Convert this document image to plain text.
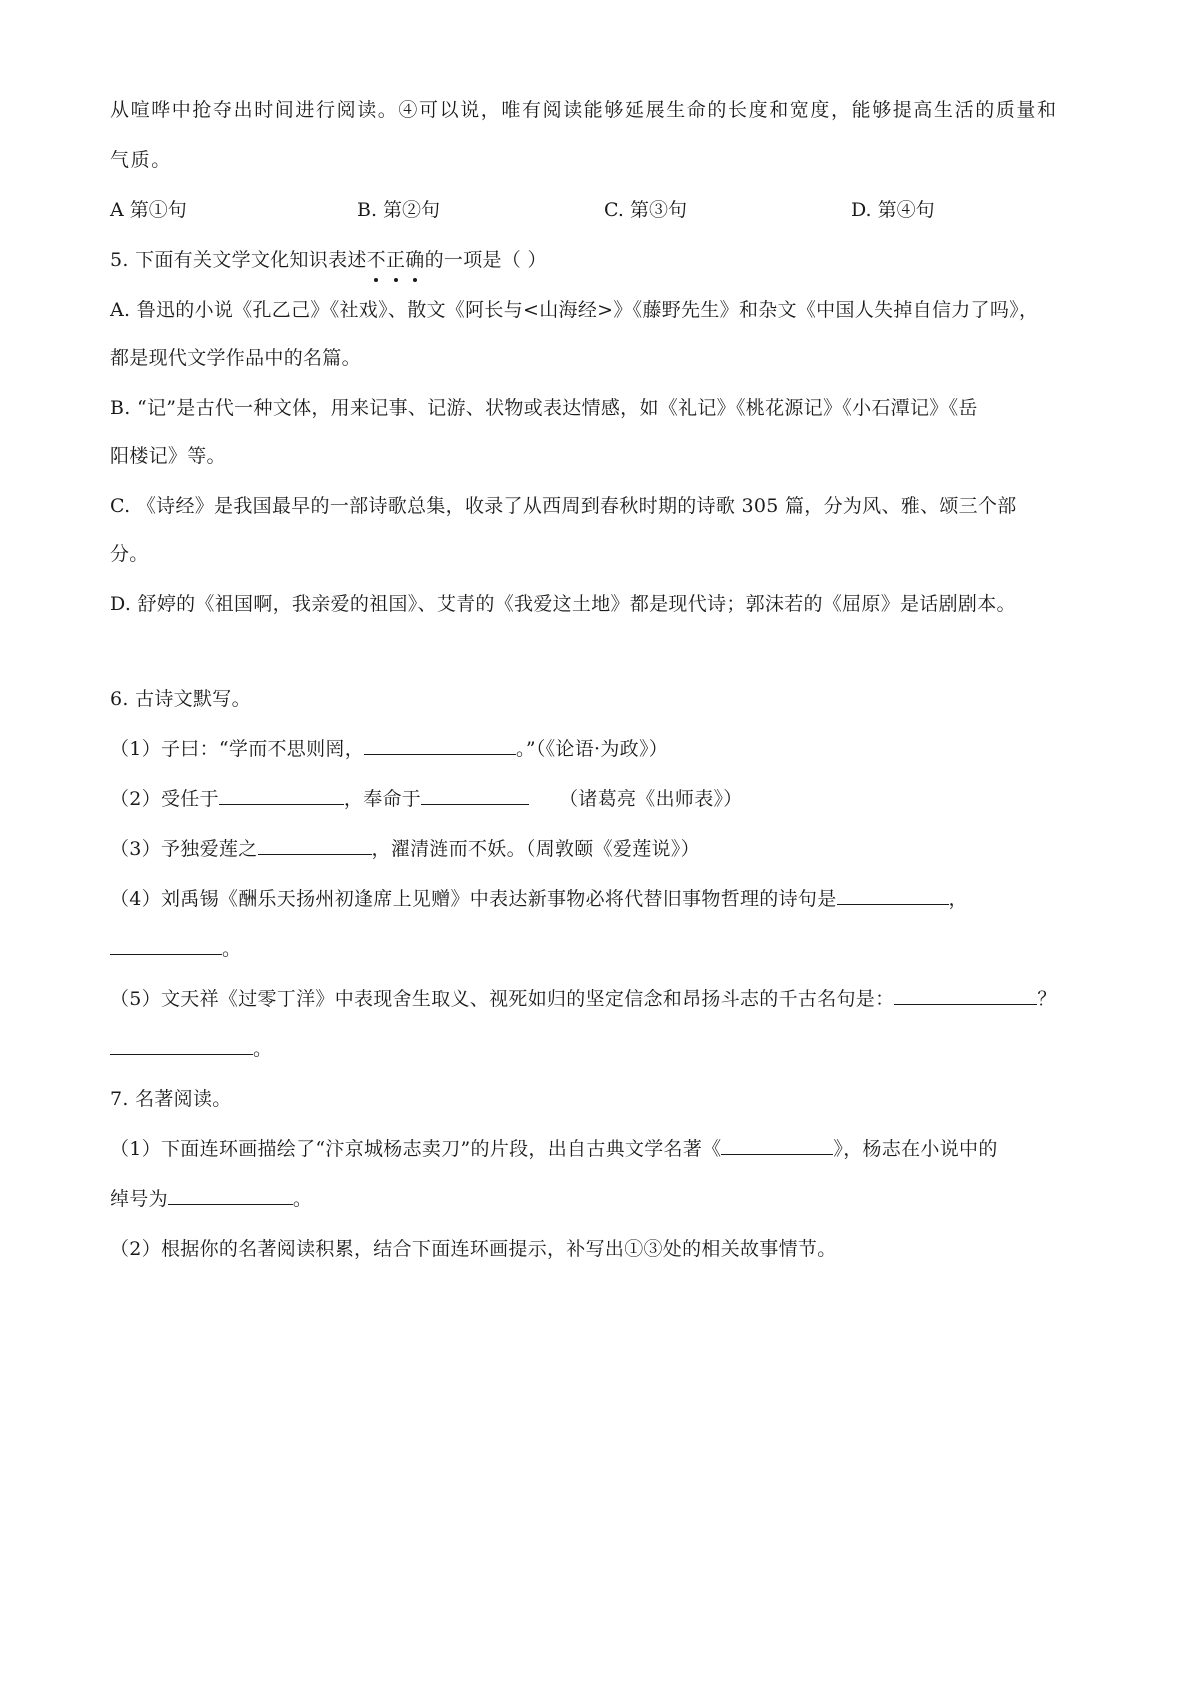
从喧哗中抢夺出时间进行阅读。④可以说，唯有阅读能够延展生命的长度和宽度，能够提高生活的质量和
气质。
A 第①句	B. 第②句	C. 第③句	D. 第④句
5. 下面有关文学文化知识表述不正确的一项是（ ）
A. 鲁迅的小说《孔乙己》《社戏》、散文《阿长与<山海经>》《藤野先生》和杂文《中国人失掉自信力了吗》，
都是现代文学作品中的名篇。
B. “记”是古代一种文体，用来记事、记游、状物或表达情感，如《礼记》《桃花源记》《小石潭记》《岳
阳楼记》等。
C. 《诗经》是我国最早的一部诗歌总集，收录了从西周到春秋时期的诗歌 305 篇，分为风、雅、颂三个部
分。
D. 舒婷的《祖国啊，我亲爱的祖国》、艾青的《我爱这土地》都是现代诗；郭沫若的《屈原》是话剧剧本。
6. 古诗文默写。
（1）子曰：“学而不思则罔，	。”（《论语·为政》）
（2）受任于	，奉命于	（诸葛亮《出师表》）
（3）予独爱莲之	，濯清涟而不妖。（周敦颐《爱莲说》）
（4）刘禹锡《酬乐天扬州初逢席上见赠》中表达新事物必将代替旧事物哲理的诗句是	，
。
（5）文天祥《过零丁洋》中表现舍生取义、视死如归的坚定信念和昂扬斗志的千古名句是：	？
。
7. 名著阅读。
（1）下面连环画描绘了“汴京城杨志卖刀”的片段，出自古典文学名著《	》，杨志在小说中的
绰号为	。
（2）根据你的名著阅读积累，结合下面连环画提示，补写出①③处的相关故事情节。
